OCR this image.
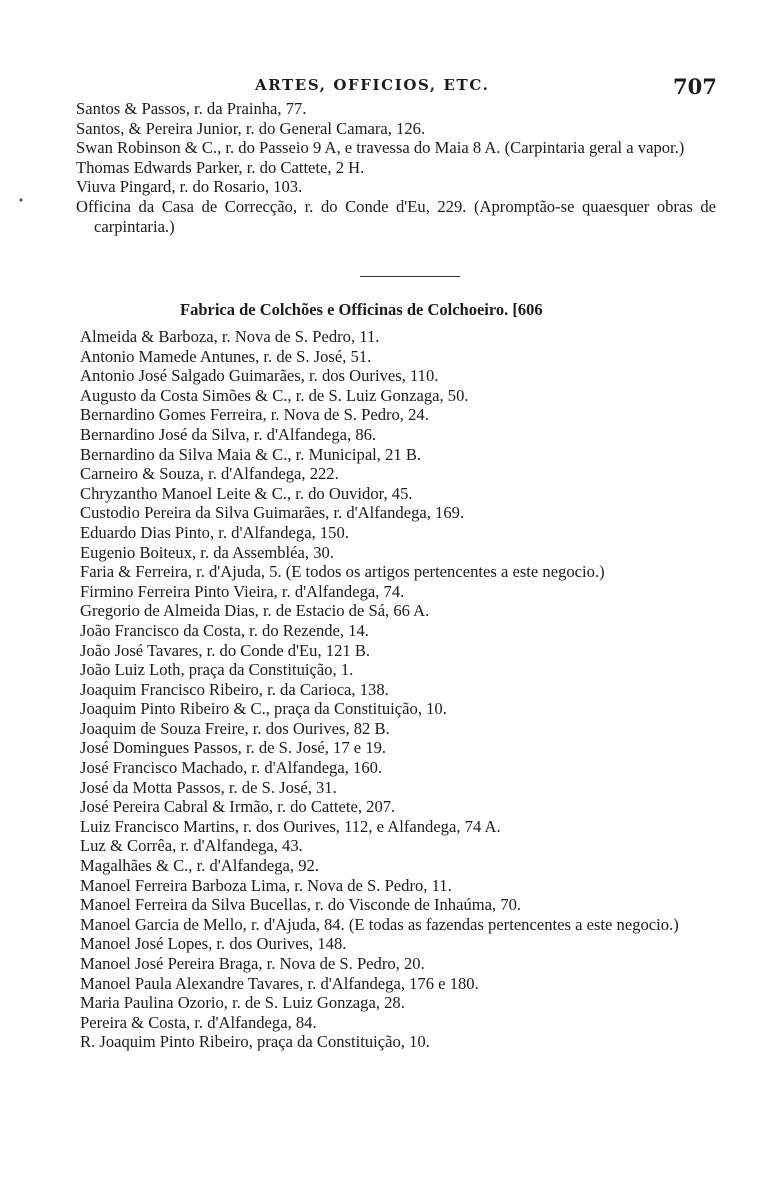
ARTES, OFFICIOS, ETC.	707

Santos & Passos, r. da Prainha, 77.

Santos, & Pereira Junior, r. do General Camara, 126.

Swan Robinson & C., r. do Passeio 9 A, e travessa do Maia 8 A. (Carpintaria geral a vapor.)

Thomas Edwards Parker, r. do Cattete, 2 H.

Viuva Pingard, r. do Rosario, 103.

Officina da Casa de Correcção, r. do Conde d'Eu, 229. (Apromptão-se quaesquer obras de carpintaria.)

Fabrica de Colchões e Officinas de Colchoeiro. [606

Almeida & Barboza, r. Nova de S. Pedro, 11.

Antonio Mamede Antunes, r. de S. José, 51.

Antonio José Salgado Guimarães, r. dos Ourives, 110.

Augusto da Costa Simões & C., r. de S. Luiz Gonzaga, 50.

Bernardino Gomes Ferreira, r. Nova de S. Pedro, 24.

Bernardino José da Silva, r. d'Alfandega, 86.

Bernardino da Silva Maia & C., r. Municipal, 21 B.

Carneiro & Souza, r. d'Alfandega, 222.

Chryzantho Manoel Leite & C., r. do Ouvidor, 45.

Custodio Pereira da Silva Guimarães, r. d'Alfandega, 169.

Eduardo Dias Pinto, r. d'Alfandega, 150.

Eugenio Boiteux, r. da Assembléa, 30.

Faria & Ferreira, r. d'Ajuda, 5. (E todos os artigos pertencentes a este negocio.)

Firmino Ferreira Pinto Vieira, r. d'Alfandega, 74.

Gregorio de Almeida Dias, r. de Estacio de Sá, 66 A.

João Francisco da Costa, r. do Rezende, 14.

João José Tavares, r. do Conde d'Eu, 121 B.

João Luiz Loth, praça da Constituição, 1.

Joaquim Francisco Ribeiro, r. da Carioca, 138.

Joaquim Pinto Ribeiro & C., praça da Constituição, 10.

Joaquim de Souza Freire, r. dos Ourives, 82 B.

José Domingues Passos, r. de S. José, 17 e 19.

José Francisco Machado, r. d'Alfandega, 160.

José da Motta Passos, r. de S. José, 31.

José Pereira Cabral & Irmão, r. do Cattete, 207.

Luiz Francisco Martins, r. dos Ourives, 112, e Alfandega, 74 A.

Luz & Corrêa, r. d'Alfandega, 43.

Magalhães & C., r. d'Alfandega, 92.

Manoel Ferreira Barboza Lima, r. Nova de S. Pedro, 11.

Manoel Ferreira da Silva Bucellas, r. do Visconde de Inhaúma, 70.

Manoel Garcia de Mello, r. d'Ajuda, 84. (E todas as fazendas pertencentes a este negocio.)

Manoel José Lopes, r. dos Ourives, 148.

Manoel José Pereira Braga, r. Nova de S. Pedro, 20.

Manoel Paula Alexandre Tavares, r. d'Alfandega, 176 e 180.

Maria Paulina Ozorio, r. de S. Luiz Gonzaga, 28.

Pereira & Costa, r. d'Alfandega, 84.

R. Joaquim Pinto Ribeiro, praça da Constituição, 10.

•
